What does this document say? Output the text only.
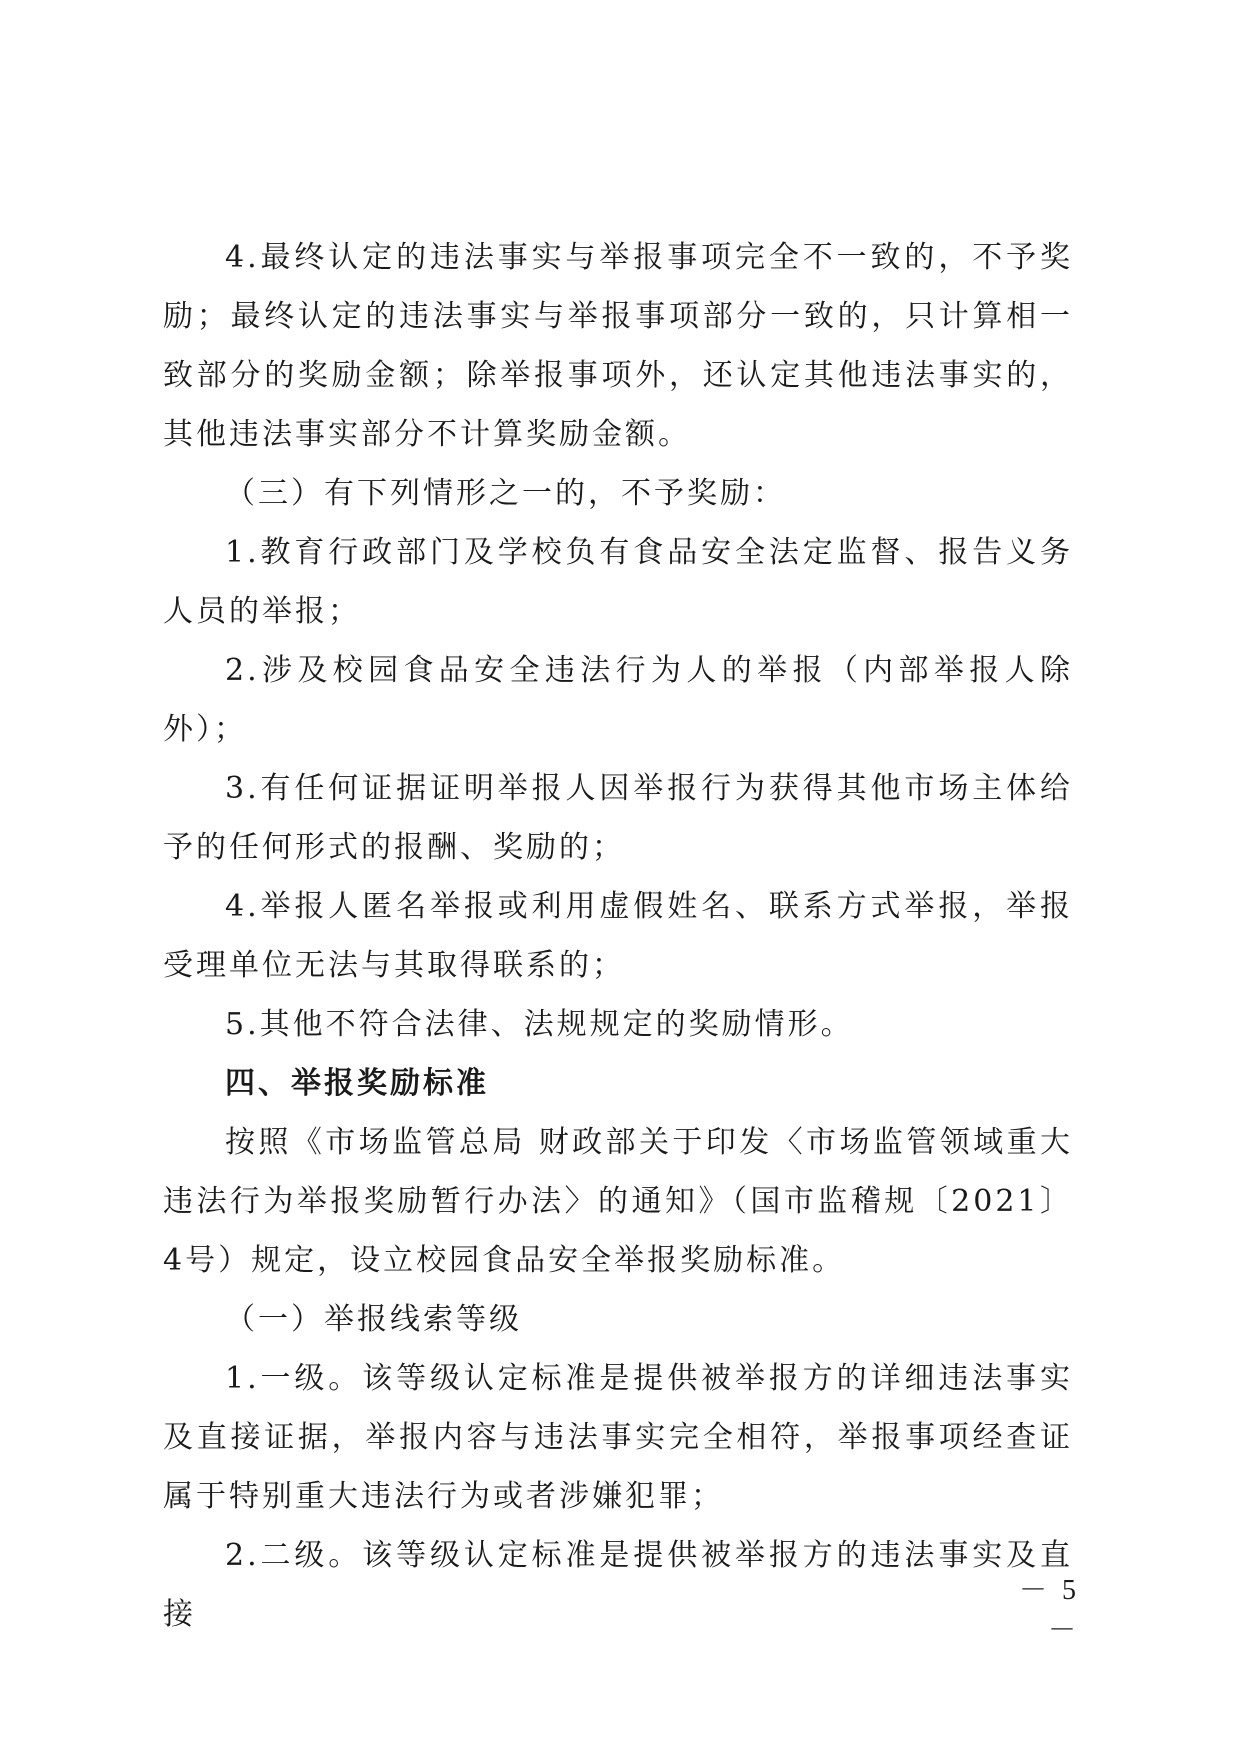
4.最终认定的违法事实与举报事项完全不一致的，不予奖励；最终认定的违法事实与举报事项部分一致的，只计算相一致部分的奖励金额；除举报事项外，还认定其他违法事实的，其他违法事实部分不计算奖励金额。

（三）有下列情形之一的，不予奖励：

1.教育行政部门及学校负有食品安全法定监督、报告义务人员的举报；

2.涉及校园食品安全违法行为人的举报（内部举报人除外）；

3.有任何证据证明举报人因举报行为获得其他市场主体给予的任何形式的报酬、奖励的；

4.举报人匿名举报或利用虚假姓名、联系方式举报，举报受理单位无法与其取得联系的；

5.其他不符合法律、法规规定的奖励情形。

四、举报奖励标准

按照《市场监管总局 财政部关于印发〈市场监管领域重大违法行为举报奖励暂行办法〉的通知》（国市监稽规〔2021〕4号）规定，设立校园食品安全举报奖励标准。

（一）举报线索等级

1.一级。该等级认定标准是提供被举报方的详细违法事实及直接证据，举报内容与违法事实完全相符，举报事项经查证属于特别重大违法行为或者涉嫌犯罪；

2.二级。该等级认定标准是提供被举报方的违法事实及直接

－ 5 －
